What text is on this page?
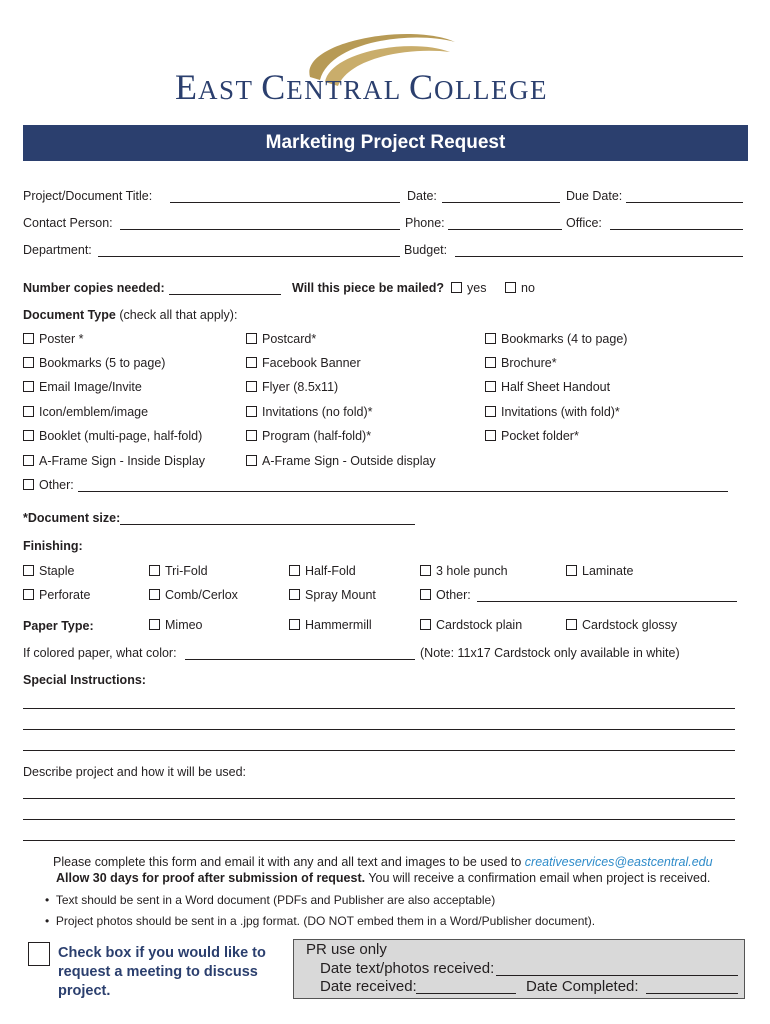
EAST CENTRAL COLLEGE
Marketing Project Request
Project/Document Title:	Date:	Due Date:
Contact Person:	Phone:	Office:
Department:	Budget:
Number copies needed:	Will this piece be mailed?	yes	no
Document Type (check all that apply):
Poster *	Postcard*	Bookmarks (4 to page)
Bookmarks (5 to page)	Facebook Banner	Brochure*
Email Image/Invite	Flyer (8.5x11)	Half Sheet Handout
Icon/emblem/image	Invitations (no fold)*	Invitations (with fold)*
Booklet (multi-page, half-fold)	Program (half-fold)*	Pocket folder*
A-Frame Sign - Inside Display	A-Frame Sign - Outside display
Other:
*Document size:
Finishing:
Staple	Tri-Fold	Half-Fold	3 hole punch	Laminate
Perforate	Comb/Cerlox	Spray Mount	Other:
Paper Type:	Mimeo	Hammermill	Cardstock plain	Cardstock glossy
If colored paper, what color:	(Note: 11x17 Cardstock only available in white)
Special Instructions:
Describe project and how it will be used:
Please complete this form and email it with any and all text and images to be used to creativeservices@eastcentral.edu
Allow 30 days for proof after submission of request. You will receive a confirmation email when project is received.
• Text should be sent in a Word document (PDFs and Publisher are also acceptable)
• Project photos should be sent in a .jpg format. (DO NOT embed them in a Word/Publisher document).
Check box if you would like to
request a meeting to discuss
project.
PR use only
Date text/photos received:
Date received:	Date Completed:
